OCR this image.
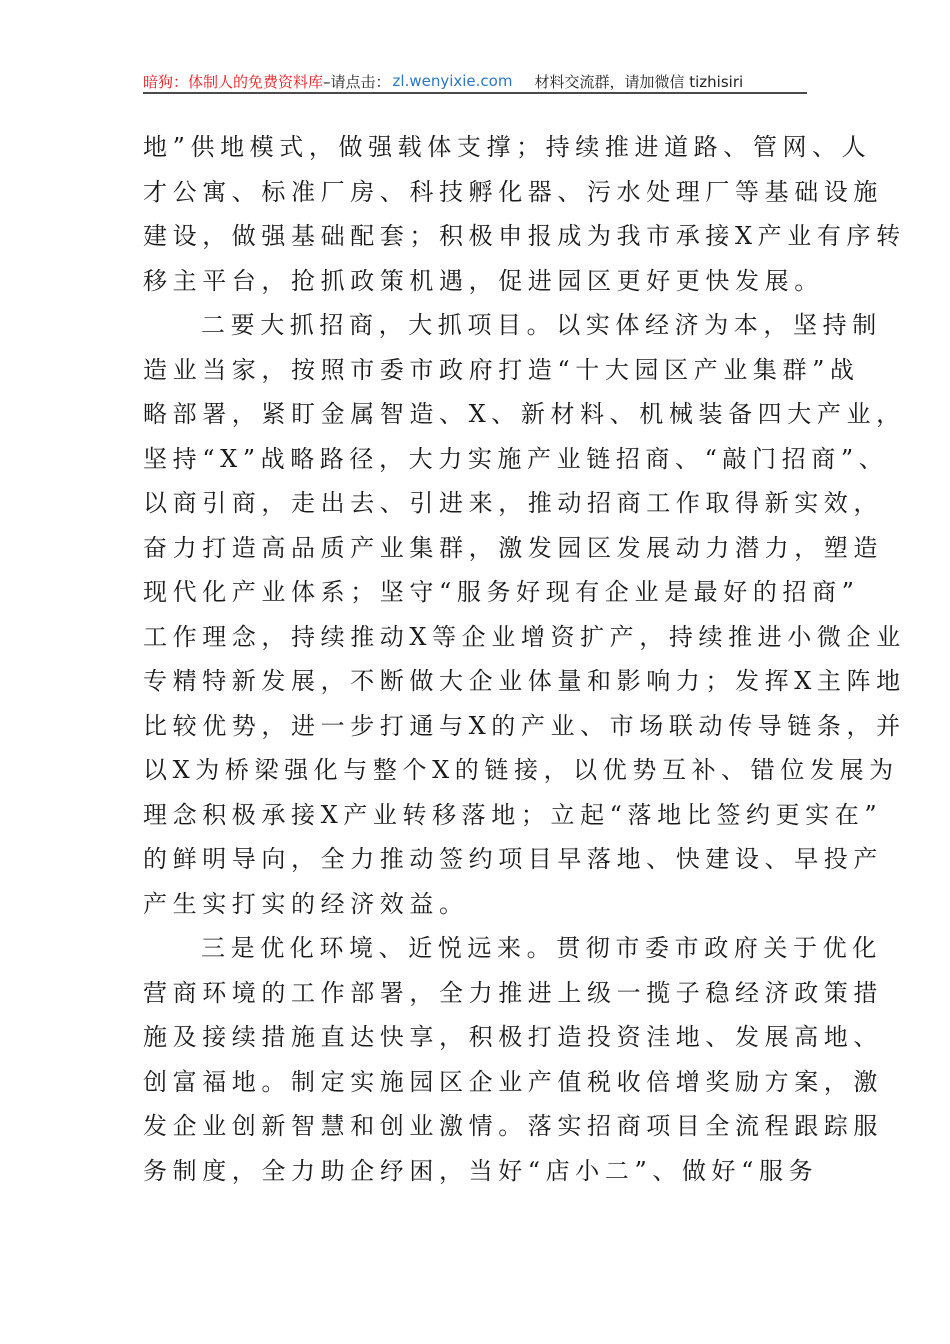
暗狗：体制人的免费资料库 –请点击： zl.wenyixie.com 材料交流群，请加微信 tizhisiri
地”供地模式，做强载体支撑；持续推进道路、管网、人
才公寓、标准厂房、科技孵化器、污水处理厂等基础设施
建设，做强基础配套；积极申报成为我市承接X产业有序转
移主平台，抢抓政策机遇，促进园区更好更快发展。
二要大抓招商，大抓项目。以实体经济为本，坚持制
造业当家，按照市委市政府打造“十大园区产业集群”战
略部署，紧盯金属智造、X、新材料、机械装备四大产业，
坚持“X”战略路径，大力实施产业链招商、“敲门招商”、
以商引商，走出去、引进来，推动招商工作取得新实效，
奋力打造高品质产业集群，激发园区发展动力潜力，塑造
现代化产业体系；坚守“服务好现有企业是最好的招商”
工作理念，持续推动X等企业增资扩产，持续推进小微企业
专精特新发展，不断做大企业体量和影响力；发挥X主阵地
比较优势，进一步打通与X的产业、市场联动传导链条，并
以X为桥梁强化与整个X的链接，以优势互补、错位发展为
理念积极承接X产业转移落地；立起“落地比签约更实在”
的鲜明导向，全力推动签约项目早落地、快建设、早投产
产生实打实的经济效益。
三是优化环境、近悦远来。贯彻市委市政府关于优化
营商环境的工作部署，全力推进上级一揽子稳经济政策措
施及接续措施直达快享，积极打造投资洼地、发展高地、
创富福地。制定实施园区企业产值税收倍增奖励方案，激
发企业创新智慧和创业激情。落实招商项目全流程跟踪服
务制度，全力助企纾困，当好“店小二”、做好“服务
